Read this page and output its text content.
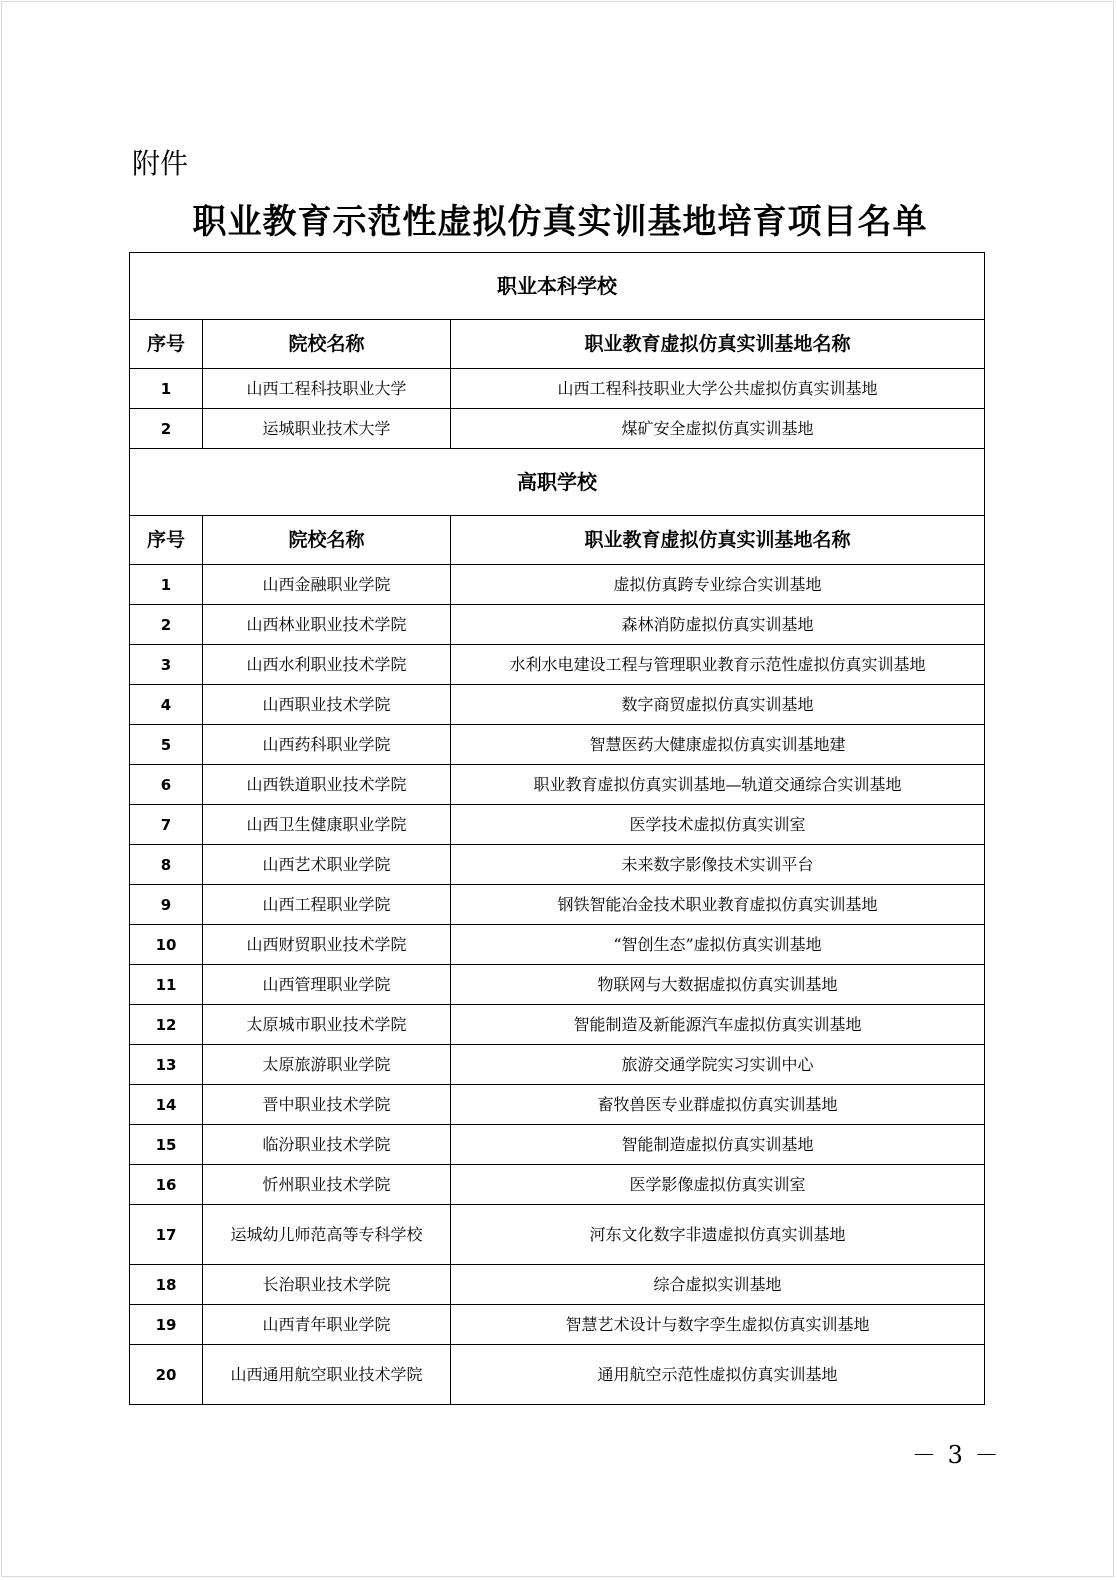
附件
职业教育示范性虚拟仿真实训基地培育项目名单
职业本科学校		
序号	院校名称	职业教育虚拟仿真实训基地名称
1	山西工程科技职业大学	山西工程科技职业大学公共虚拟仿真实训基地
2	运城职业技术大学	煤矿安全虚拟仿真实训基地
高职学校		
序号	院校名称	职业教育虚拟仿真实训基地名称
1	山西金融职业学院	虚拟仿真跨专业综合实训基地
2	山西林业职业技术学院	森林消防虚拟仿真实训基地
3	山西水利职业技术学院	水利水电建设工程与管理职业教育示范性虚拟仿真实训基地
4	山西职业技术学院	数字商贸虚拟仿真实训基地
5	山西药科职业学院	智慧医药大健康虚拟仿真实训基地建
6	山西铁道职业技术学院	职业教育虚拟仿真实训基地—轨道交通综合实训基地
7	山西卫生健康职业学院	医学技术虚拟仿真实训室
8	山西艺术职业学院	未来数字影像技术实训平台
9	山西工程职业学院	钢铁智能冶金技术职业教育虚拟仿真实训基地
10	山西财贸职业技术学院	“智创生态”虚拟仿真实训基地
11	山西管理职业学院	物联网与大数据虚拟仿真实训基地
12	太原城市职业技术学院	智能制造及新能源汽车虚拟仿真实训基地
13	太原旅游职业学院	旅游交通学院实习实训中心
14	晋中职业技术学院	畜牧兽医专业群虚拟仿真实训基地
15	临汾职业技术学院	智能制造虚拟仿真实训基地
16	忻州职业技术学院	医学影像虚拟仿真实训室
17	运城幼儿师范高等专科学校	河东文化数字非遗虚拟仿真实训基地
18	长治职业技术学院	综合虚拟实训基地
19	山西青年职业学院	智慧艺术设计与数字孪生虚拟仿真实训基地
20	山西通用航空职业技术学院	通用航空示范性虚拟仿真实训基地
－ 3 －
